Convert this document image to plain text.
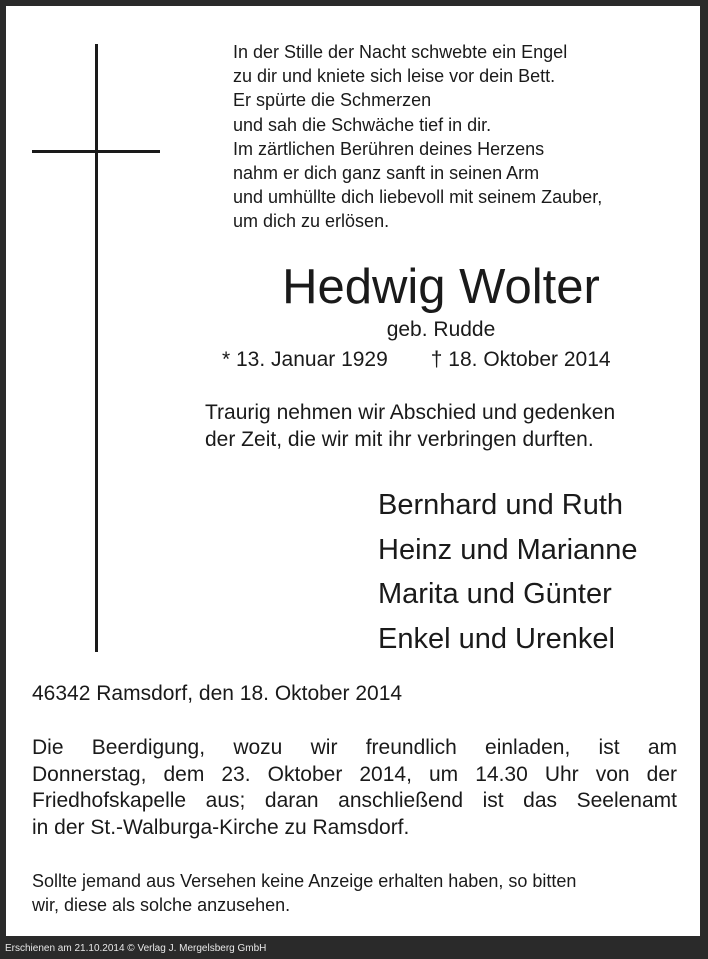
In der Stille der Nacht schwebte ein Engel
zu dir und kniete sich leise vor dein Bett.
Er spürte die Schmerzen
und sah die Schwäche tief in dir.
Im zärtlichen Berühren deines Herzens
nahm er dich ganz sanft in seinen Arm
und umhüllte dich liebevoll mit seinem Zauber,
um dich zu erlösen.
Hedwig Wolter
geb. Rudde
* 13. Januar 1929 † 18. Oktober 2014
Traurig nehmen wir Abschied und gedenken
der Zeit, die wir mit ihr verbringen durften.
Bernhard und Ruth
Heinz und Marianne
Marita und Günter
Enkel und Urenkel
46342 Ramsdorf, den 18. Oktober 2014
Die Beerdigung, wozu wir freundlich einladen, ist am
Donnerstag, dem 23. Oktober 2014, um 14.30 Uhr von der
Friedhofskapelle aus; daran anschließend ist das Seelenamt
in der St.-Walburga-Kirche zu Ramsdorf.
Sollte jemand aus Versehen keine Anzeige erhalten haben, so bitten
wir, diese als solche anzusehen.
Erschienen am 21.10.2014 © Verlag J. Mergelsberg GmbH
